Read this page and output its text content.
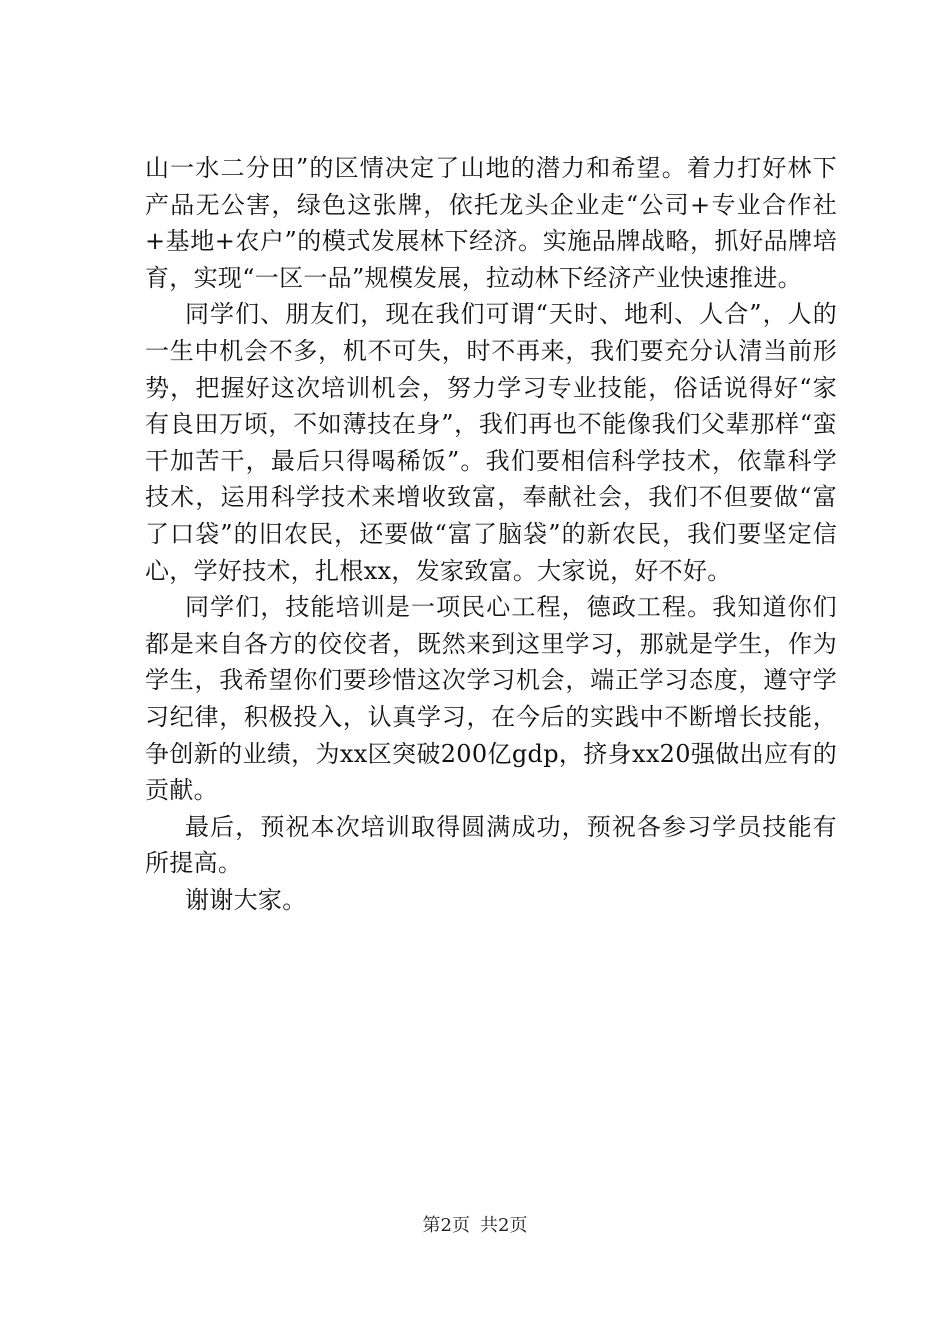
山一水二分田”的区情决定了山地的潜力和希望。着力打好林下产品无公害，绿色这张牌，依托龙头企业走“公司+专业合作社+基地+农户”的模式发展林下经济。实施品牌战略，抓好品牌培育，实现“一区一品”规模发展，拉动林下经济产业快速推进。

同学们、朋友们，现在我们可谓“天时、地利、人合”，人的一生中机会不多，机不可失，时不再来，我们要充分认清当前形势，把握好这次培训机会，努力学习专业技能，俗话说得好“家有良田万顷，不如薄技在身”，我们再也不能像我们父辈那样“蛮干加苦干，最后只得喝稀饭”。我们要相信科学技术，依靠科学技术，运用科学技术来增收致富，奉献社会，我们不但要做“富了口袋”的旧农民，还要做“富了脑袋”的新农民，我们要坚定信心，学好技术，扎根xx，发家致富。大家说，好不好。

同学们，技能培训是一项民心工程，德政工程。我知道你们都是来自各方的佼佼者，既然来到这里学习，那就是学生，作为学生，我希望你们要珍惜这次学习机会，端正学习态度，遵守学习纪律，积极投入，认真学习，在今后的实践中不断增长技能，争创新的业绩，为xx区突破200亿gdp，挤身xx20强做出应有的贡献。

最后，预祝本次培训取得圆满成功，预祝各参习学员技能有所提高。

谢谢大家。

第2页 共2页
